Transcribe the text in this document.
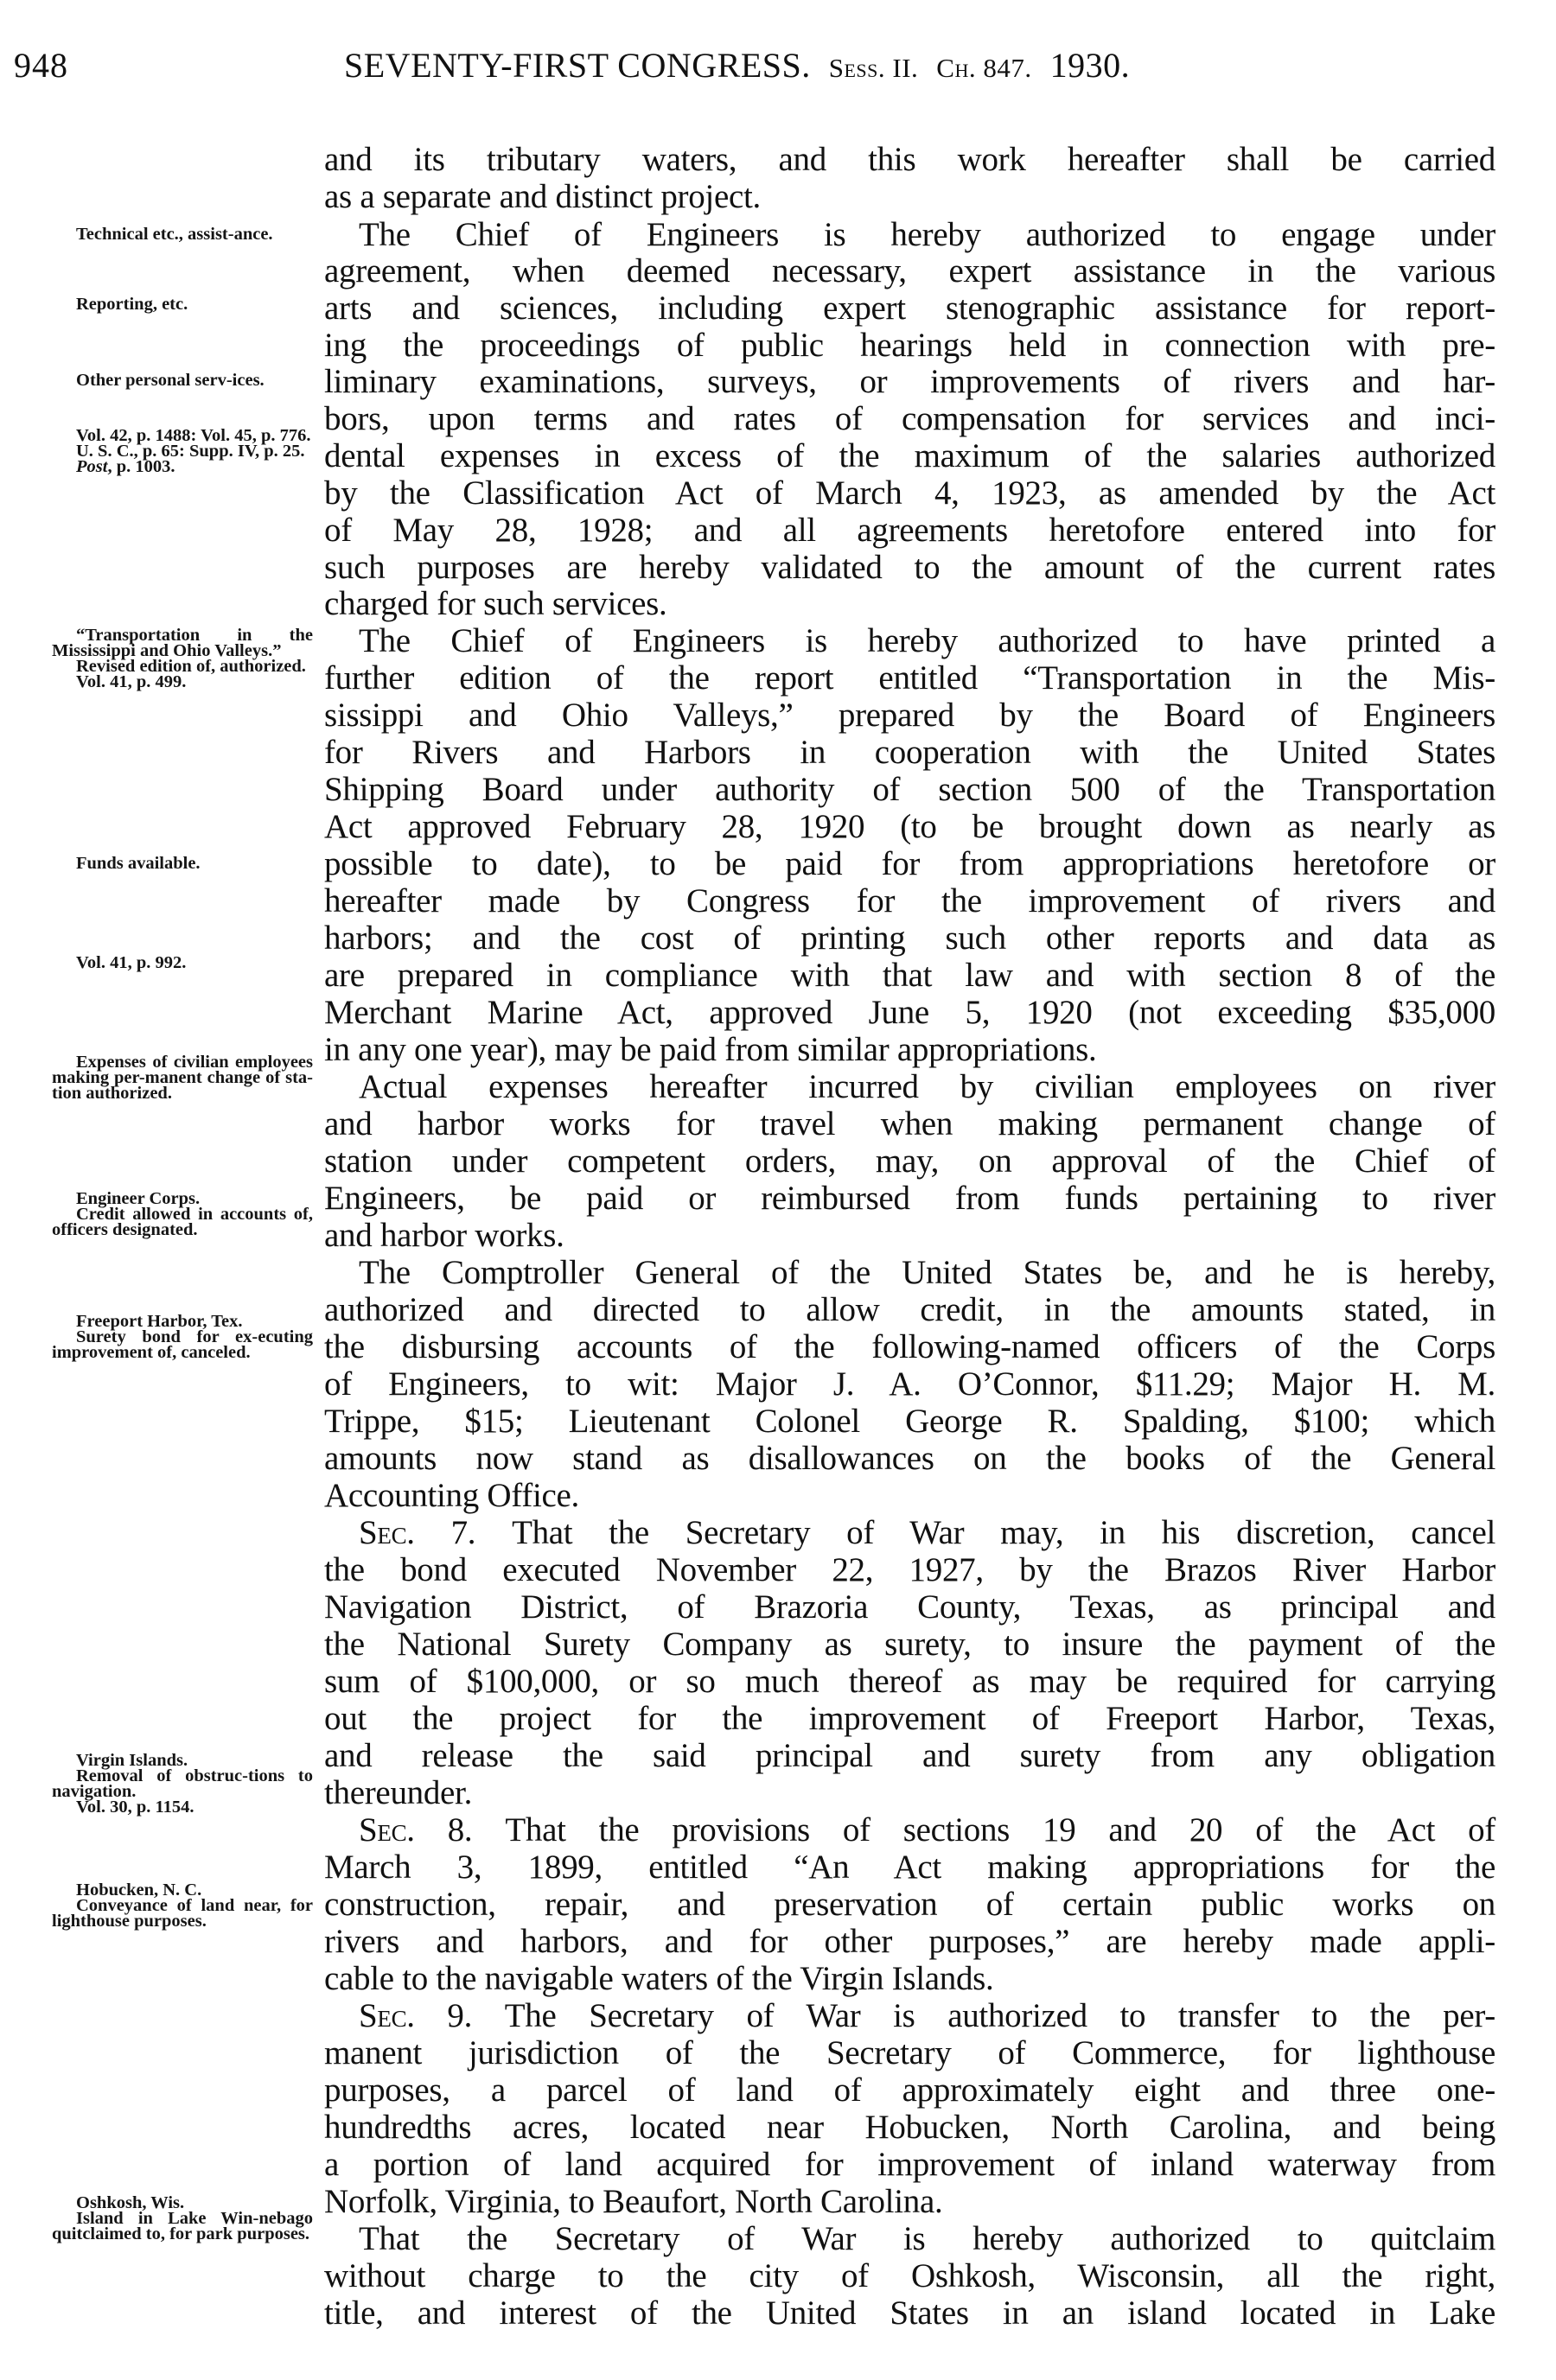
948	SEVENTY-FIRST CONGRESS. Sess. II. Ch. 847. 1930.
and its tributary waters, and this work hereafter shall be carried
as a separate and distinct project.
The Chief of Engineers is hereby authorized to engage under
agreement, when deemed necessary, expert assistance in the various
arts and sciences, including expert stenographic assistance for report-
ing the proceedings of public hearings held in connection with pre-
liminary examinations, surveys, or improvements of rivers and har-
bors, upon terms and rates of compensation for services and inci-
dental expenses in excess of the maximum of the salaries authorized
by the Classification Act of March 4, 1923, as amended by the Act
of May 28, 1928; and all agreements heretofore entered into for
such purposes are hereby validated to the amount of the current rates
charged for such services.
The Chief of Engineers is hereby authorized to have printed a
further edition of the report entitled “Transportation in the Mis-
sissippi and Ohio Valleys,” prepared by the Board of Engineers
for Rivers and Harbors in cooperation with the United States
Shipping Board under authority of section 500 of the Transportation
Act approved February 28, 1920 (to be brought down as nearly as
possible to date), to be paid for from appropriations heretofore or
hereafter made by Congress for the improvement of rivers and
harbors; and the cost of printing such other reports and data as
are prepared in compliance with that law and with section 8 of the
Merchant Marine Act, approved June 5, 1920 (not exceeding $35,000
in any one year), may be paid from similar appropriations.
Actual expenses hereafter incurred by civilian employees on river
and harbor works for travel when making permanent change of
station under competent orders, may, on approval of the Chief of
Engineers, be paid or reimbursed from funds pertaining to river
and harbor works.
The Comptroller General of the United States be, and he is hereby,
authorized and directed to allow credit, in the amounts stated, in
the disbursing accounts of the following-named officers of the Corps
of Engineers, to wit: Major J. A. O’Connor, $11.29; Major H. M.
Trippe, $15; Lieutenant Colonel George R. Spalding, $100; which
amounts now stand as disallowances on the books of the General
Accounting Office.
Sec. 7. That the Secretary of War may, in his discretion, cancel
the bond executed November 22, 1927, by the Brazos River Harbor
Navigation District, of Brazoria County, Texas, as principal and
the National Surety Company as surety, to insure the payment of the
sum of $100,000, or so much thereof as may be required for carrying
out the project for the improvement of Freeport Harbor, Texas,
and release the said principal and surety from any obligation
thereunder.
Sec. 8. That the provisions of sections 19 and 20 of the Act of
March 3, 1899, entitled “An Act making appropriations for the
construction, repair, and preservation of certain public works on
rivers and harbors, and for other purposes,” are hereby made appli-
cable to the navigable waters of the Virgin Islands.
Sec. 9. The Secretary of War is authorized to transfer to the per-
manent jurisdiction of the Secretary of Commerce, for lighthouse
purposes, a parcel of land of approximately eight and three one-
hundredths acres, located near Hobucken, North Carolina, and being
a portion of land acquired for improvement of inland waterway from
Norfolk, Virginia, to Beaufort, North Carolina.
That the Secretary of War is hereby authorized to quitclaim
without charge to the city of Oshkosh, Wisconsin, all the right,
title, and interest of the United States in an island located in Lake

Technical etc., assist-ance.

Reporting, etc.

Other personal serv-ices.

Vol. 42, p. 1488: Vol. 45, p. 776.

U. S. C., p. 65: Supp. IV, p. 25.

Post, p. 1003.

“Transportation in the Mississippi and Ohio Valleys.”

Revised edition of, authorized.

Vol. 41, p. 499.

Funds available.

Vol. 41, p. 992.

Expenses of civilian employees making per-manent change of sta-tion authorized.

Engineer Corps.

Credit allowed in accounts of, officers designated.

Freeport Harbor, Tex.

Surety bond for ex-ecuting improvement of, canceled.

Virgin Islands.

Removal of obstruc-tions to navigation.

Vol. 30, p. 1154.

Hobucken, N. C.

Conveyance of land near, for lighthouse purposes.

Oshkosh, Wis.

Island in Lake Win-nebago quitclaimed to, for park purposes.
